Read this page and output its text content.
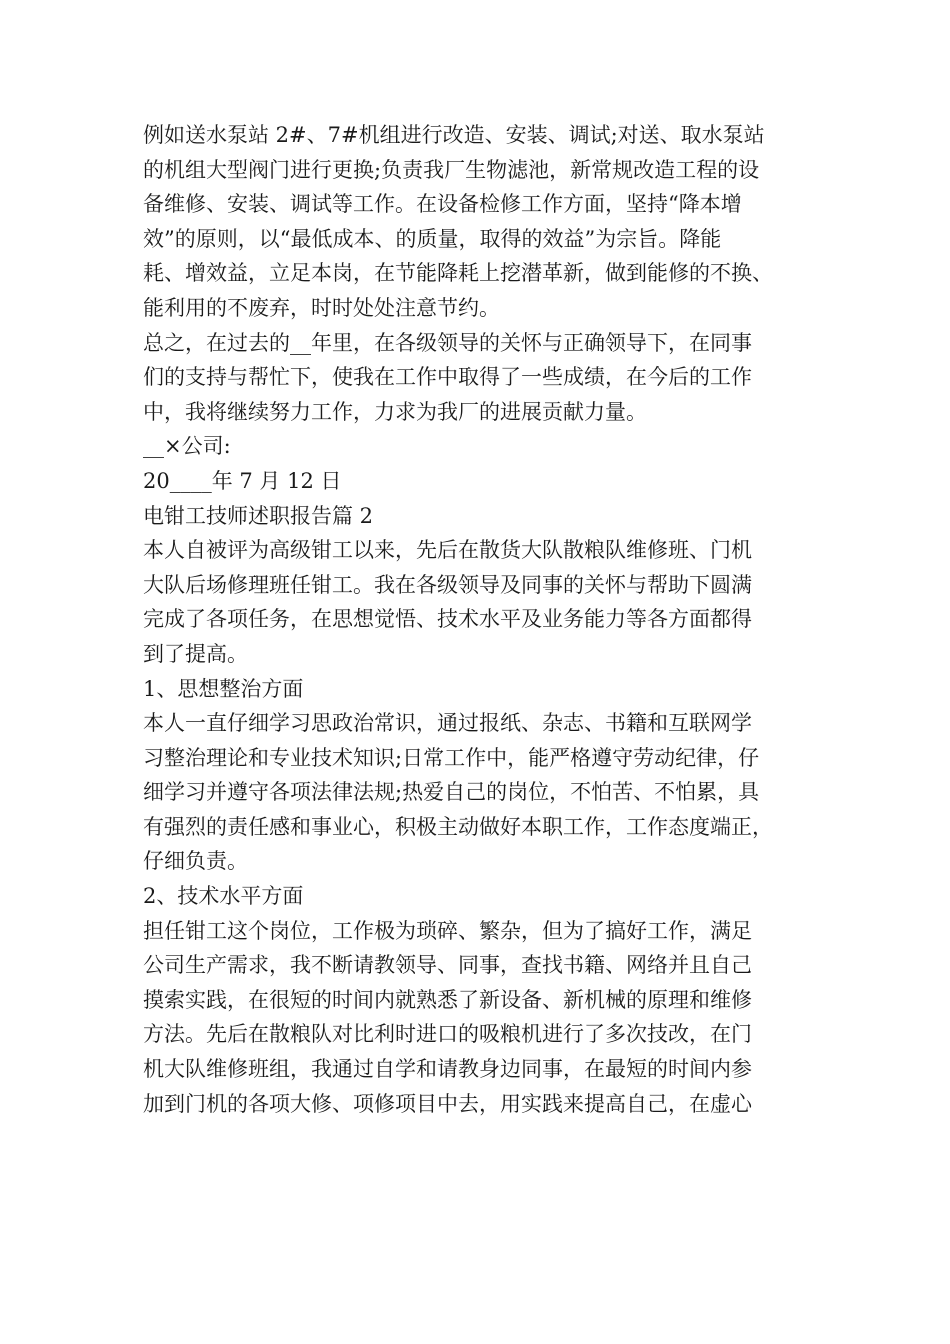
例如送水泵站 2#、7#机组进行改造、安装、调试;对送、取水泵站
的机组大型阀门进行更换;负责我厂生物滤池，新常规改造工程的设
备维修、安装、调试等工作。在设备检修工作方面，坚持“降本增
效”的原则，以“最低成本、的质量，取得的效益”为宗旨。降能
耗、增效益，立足本岗，在节能降耗上挖潜革新，做到能修的不换、
能利用的不废弃，时时处处注意节约。
总之，在过去的__年里，在各级领导的关怀与正确领导下，在同事
们的支持与帮忙下，使我在工作中取得了一些成绩，在今后的工作
中，我将继续努力工作，力求为我厂的进展贡献力量。
__×公司:
20____年 7 月 12 日
电钳工技师述职报告篇 2
本人自被评为高级钳工以来，先后在散货大队散粮队维修班、门机
大队后场修理班任钳工。我在各级领导及同事的关怀与帮助下圆满
完成了各项任务，在思想觉悟、技术水平及业务能力等各方面都得
到了提高。
1、思想整治方面
本人一直仔细学习思政治常识，通过报纸、杂志、书籍和互联网学
习整治理论和专业技术知识;日常工作中，能严格遵守劳动纪律，仔
细学习并遵守各项法律法规;热爱自己的岗位，不怕苦、不怕累，具
有强烈的责任感和事业心，积极主动做好本职工作，工作态度端正，
仔细负责。
2、技术水平方面
担任钳工这个岗位，工作极为琐碎、繁杂，但为了搞好工作，满足
公司生产需求，我不断请教领导、同事，查找书籍、网络并且自己
摸索实践，在很短的时间内就熟悉了新设备、新机械的原理和维修
方法。先后在散粮队对比利时进口的吸粮机进行了多次技改，在门
机大队维修班组，我通过自学和请教身边同事，在最短的时间内参
加到门机的各项大修、项修项目中去，用实践来提高自己，在虚心
